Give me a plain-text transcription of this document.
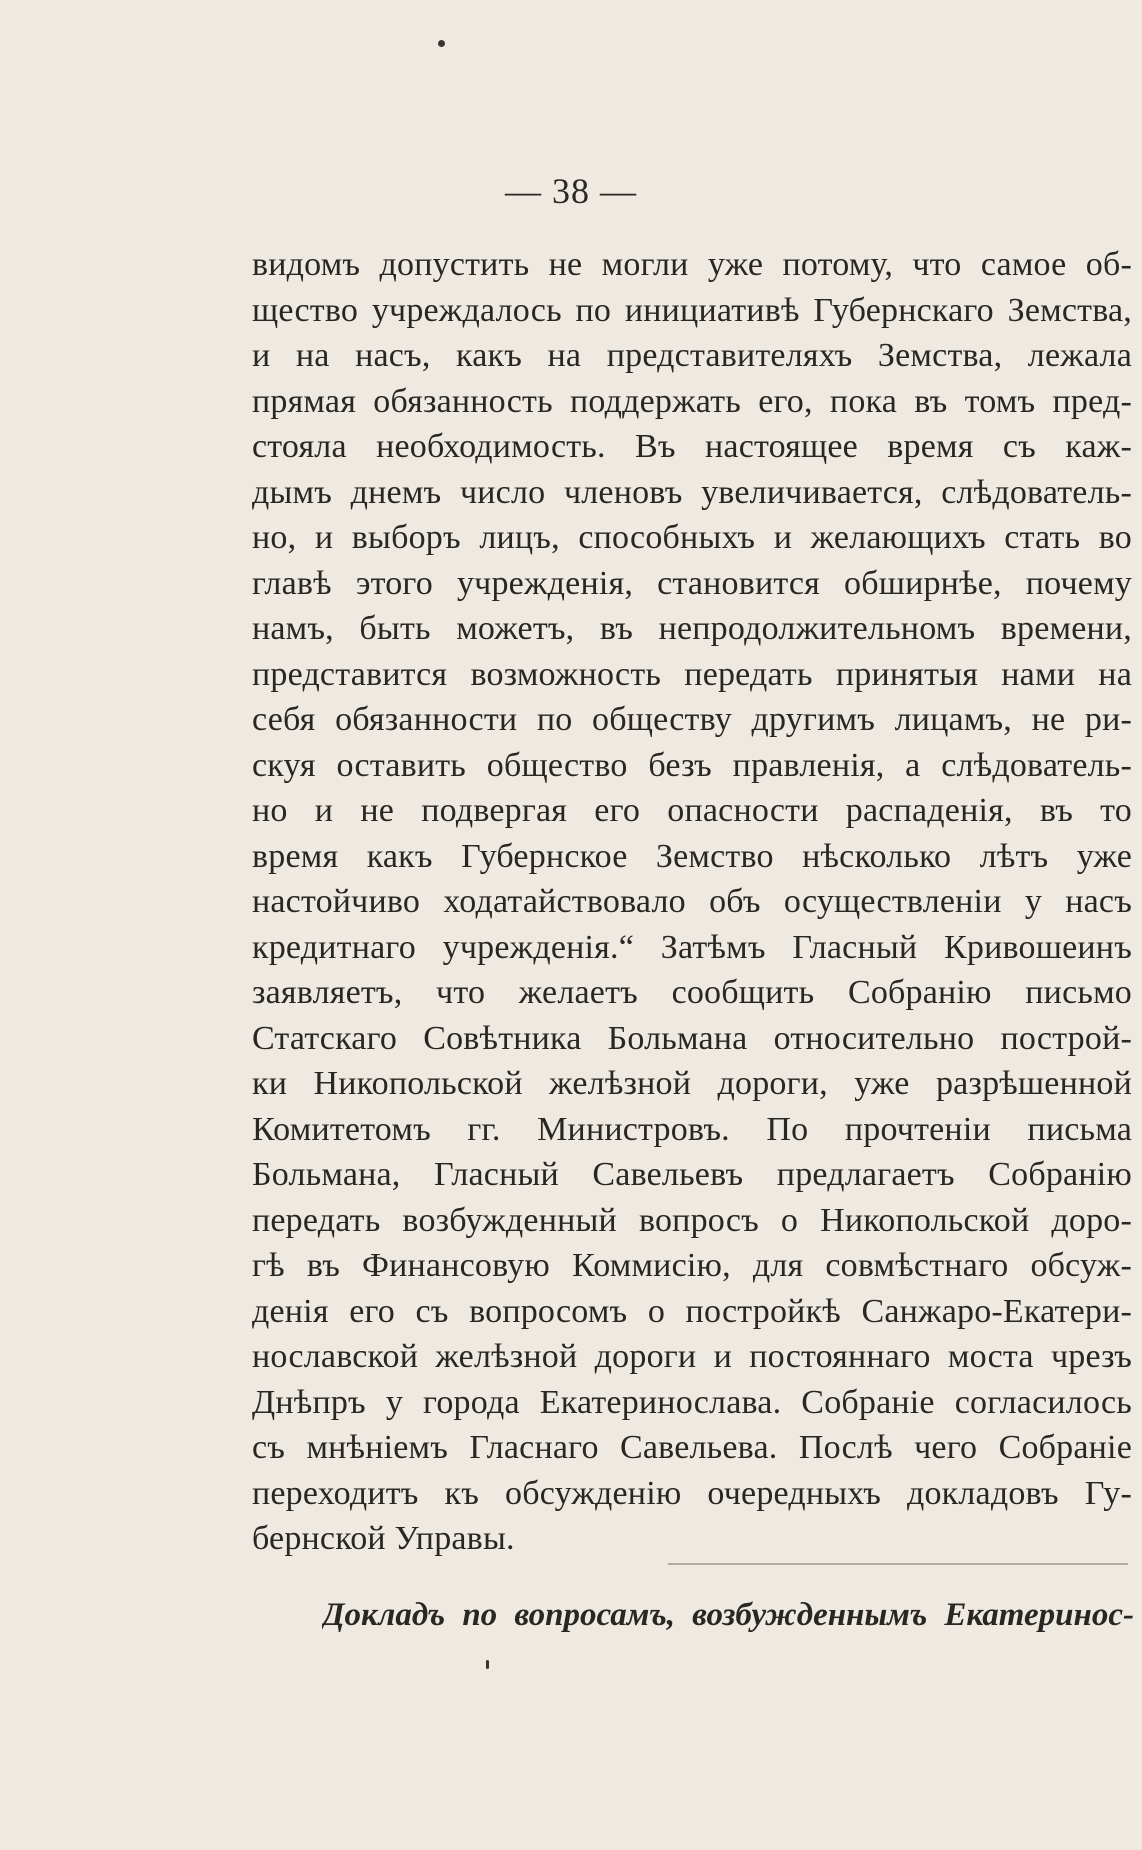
— 38 —
видомъ допустить не могли уже потому, что самое об-
щество учреждалось по инициативѣ Губернскаго Земства,
и на насъ, какъ на представителяхъ Земства, лежала
прямая обязанность поддержать его, пока въ томъ пред-
стояла необходимость. Въ настоящее время съ каж-
дымъ днемъ число членовъ увеличивается, слѣдователь-
но, и выборъ лицъ, способныхъ и желающихъ стать во
главѣ этого учрежденія, становится обширнѣе, почему
намъ, быть можетъ, въ непродолжительномъ времени,
представится возможность передать принятыя нами на
себя обязанности по обществу другимъ лицамъ, не ри-
скуя оставить общество безъ правленія, а слѣдователь-
но и не подвергая его опасности распаденія, въ то
время какъ Губернское Земство нѣсколько лѣтъ уже
настойчиво ходатайствовало объ осуществленіи у насъ
кредитнаго учрежденія.“ Затѣмъ Гласный Кривошеинъ
заявляетъ, что желаетъ сообщить Собранію письмо
Статскаго Совѣтника Больмана относительно построй-
ки Никопольской желѣзной дороги, уже разрѣшенной
Комитетомъ гг. Министровъ. По прочтеніи письма
Больмана, Гласный Савельевъ предлагаетъ Собранію
передать возбужденный вопросъ о Никопольской доро-
гѣ въ Финансовую Коммисію, для совмѣстнаго обсуж-
денія его съ вопросомъ о постройкѣ Санжаро-Екатери-
нославской желѣзной дороги и постояннаго моста чрезъ
Днѣпръ у города Екатеринослава. Собраніе согласилось
съ мнѣніемъ Гласнаго Савельева. Послѣ чего Собраніе
переходитъ къ обсужденію очередныхъ докладовъ Гу-
бернской Управы.
Докладъ по вопросамъ, возбужденнымъ Екатеринос-
